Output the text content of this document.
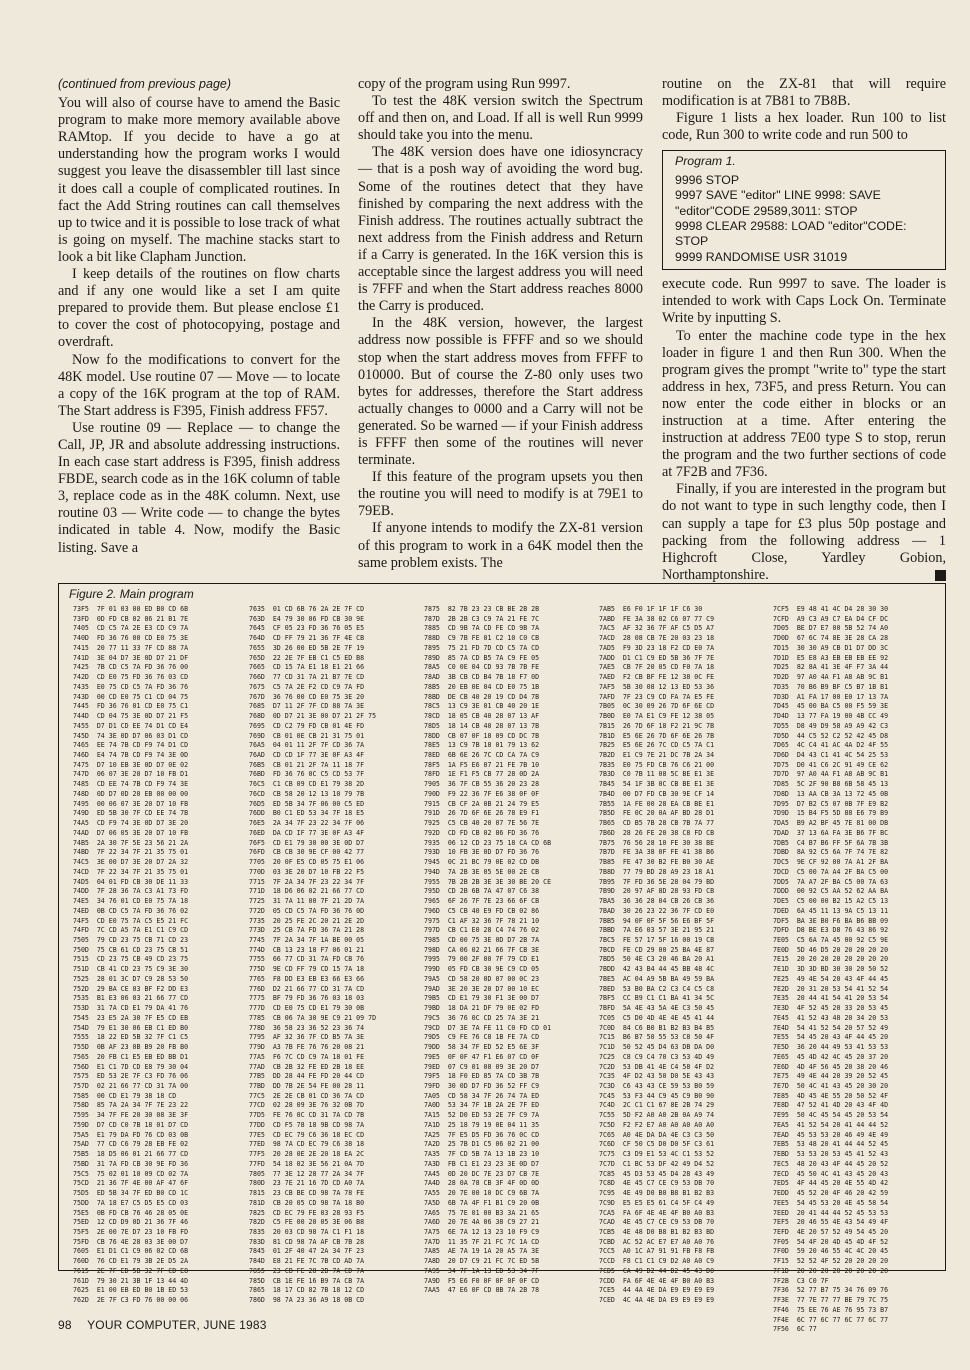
(continued from previous page)

You will also of course have to amend the Basic program to make more memory available above RAMtop. If you decide to have a go at understanding how the program works I would suggest you leave the disassembler till last since it does call a couple of complicated routines. In fact the Add String routines can call themselves up to twice and it is possible to lose track of what is going on myself. The machine stacks start to look a bit like Clapham Junction.

I keep details of the routines on flow charts and if any one would like a set I am quite prepared to provide them. But please enclose £1 to cover the cost of photocopying, postage and overdraft.

Now fo the modifications to convert for the 48K model. Use routine 07 — Move — to locate a copy of the 16K program at the top of RAM. The Start address is F395, Finish address FF57.

Use routine 09 — Replace — to change the Call, JP, JR and absolute addressing instructions. In each case start address is F395, finish address FBDE, search code as in the 16K column of table 3, replace code as in the 48K column. Next, use routine 03 — Write code — to change the bytes indicated in table 4. Now, modify the Basic listing. Save a

copy of the program using Run 9997.

To test the 48K version switch the Spectrum off and then on, and Load. If all is well Run 9999 should take you into the menu.

The 48K version does have one idiosyncracy — that is a posh way of avoiding the word bug. Some of the routines detect that they have finished by comparing the next address with the Finish address. The routines actually subtract the next address from the Finish address and Return if a Carry is generated. In the 16K version this is acceptable since the largest address you will need is 7FFF and when the Start address reaches 8000 the Carry is produced.

In the 48K version, however, the largest address now possible is FFFF and so we should stop when the start address moves from FFFF to 010000. But of course the Z-80 only uses two bytes for addresses, therefore the Start address actually changes to 0000 and a Carry will not be generated. So be warned — if your Finish address is FFFF then some of the routines will never terminate.

If this feature of the program upsets you then the routine you will need to modify is at 79E1 to 79EB.

If anyone intends to modify the ZX-81 version of this program to work in a 64K model then the same problem exists. The

routine on the ZX-81 that will require modification is at 7B81 to 7B8B.

Figure 1 lists a hex loader. Run 100 to list code, Run 300 to write code and run 500 to

Program 1.
9996 STOP
9997 SAVE "editor" LINE 9998: SAVE "editor"CODE 29589,3011: STOP
9998 CLEAR 29588: LOAD "editor"CODE: STOP
9999 RANDOMISE USR 31019

execute code. Run 9997 to save. The loader is intended to work with Caps Lock On. Terminate Write by inputting S.

To enter the machine code type in the hex loader in figure 1 and then Run 300. When the program gives the prompt "write to" type the start address in hex, 73F5, and press Return. You can now enter the code either in blocks or an instruction at a time. After entering the instruction at address 7E00 type S to stop, rerun the program and the two further sections of code at 7F2B and 7F36.

Finally, if you are interested in the program but do not want to type in such lengthy code, then I can supply a tape for £3 plus 50p postage and packing from the following address — 1 Highcroft Close, Yardley Gobion, Northamptonshire.

Figure 2. Main program
73F5  7F 01 03 00 ED B0 CD 6B
73FD  0D FD CB 02 86 21 B1 7E
7405  CD C5 7A 2E E3 CD C9 7A
740D  FD 36 76 00 CD E0 75 3E
7415  20 77 11 33 7F CD 88 7A
741D  3E 04 D7 3E 0D D7 21 DF
7425  7B CD C5 7A FD 36 76 00
742D  CD E0 75 FD 36 76 03 CD
7435  E0 75 CD C5 7A FD 36 76
743D  00 CD E0 75 C1 CD 04 75
7445  FD 36 76 01 CD E0 75 C1
744D  CD 04 75 3E 0D D7 21 F5
7455  D7 D1 CD EE 74 D1 CD E4
745D  74 3E 0D D7 06 03 D1 CD
7465  EE 74 7B CD F9 74 D1 CD
746D  E4 74 7B CD F9 74 3E 0D
7475  D7 10 EB 3E 0D D7 0E 02
747D  06 07 3E 20 D7 10 FB D1
7485  CD EE 74 7B CD F9 74 3E
748D  0D D7 0D 20 EB 00 00 00
7495  00 06 07 3E 20 D7 10 FB
749D  ED 5B 30 7F CD EE 74 7B
74A5  CD F9 74 3E 0D D7 3E 20
74AD  D7 06 05 3E 20 D7 10 FB
74B5  2A 30 7F 5E 23 56 21 2A
74BD  7F 22 34 7F 21 35 75 01
74C5  3E 00 D7 3E 20 D7 2A 32
74CD  7F 22 34 7F 21 35 75 01
74D5  04 01 FD CB 30 DE 11 33
74DD  7F 28 36 7A C3 A1 73 FD
74E5  34 76 01 CD E0 75 7A 18
74ED  0B CD C5 7A FD 36 76 02
74F5  CD E0 75 7A C5 E5 21 FC
74FD  7C CD A5 7A E1 C1 C9 CD
7505  79 CD 23 75 CB 71 CD 23
750D  75 CB 61 CD 23 75 CB 51
7515  CD 23 75 CB 49 CD 23 75
751D  CB 41 CD 23 75 C9 3E 30
7525  28 01 3C D7 C9 28 53 50
752D  29 BA CE 03 BF F2 DD E3
7535  B1 E3 06 03 21 66 77 CD
753D  31 7A CD E1 79 DA 41 76
7545  23 E5 2A 30 7F E5 CD EB
754D  79 E1 30 06 EB C1 ED B0
7555  18 22 ED 5B 32 7F C1 C5
755D  0B AF 23 0B B9 20 FB B0
7565  20 FB C1 E5 EB ED BB D1
756D  E1 C1 7D CD E8 79 30 04
7575  ED 53 2E 7F C3 FD 76 06
757D  02 21 66 77 CD 31 7A 00
7585  00 CD E1 79 38 18 CD
758D  85 7A 2A 34 7F 7E 23 22
7595  34 7F FE 20 30 08 3E 3F
759D  D7 CD C0 7B 18 01 D7 CD
75A5  E1 79 DA FD 76 CD 03 0B
75AD  77 CD C6 79 28 EB FE 02
75B5  18 D5 06 01 21 66 77 CD
75BD  31 7A FD CB 30 9E FD 36
75C5  75 02 01 10 09 CD 02 7A
75CD  21 36 7F 4E 00 AF 47 6F
75D5  ED 5B 34 7F ED B0 CD 1C
75DD  7A 18 E7 C5 D5 E5 CD 03
75E5  0B FD CB 76 46 28 05 0E
75ED  12 CD D9 0D 21 36 7F 46
75F5  2E 00 7E D7 23 10 FB FD
75FD  CB 76 4E 28 03 3E 00 D7
7605  E1 D1 C1 C9 06 02 CD 6B
760D  76 CD E1 79 3B 2E D5 2A
7615  2E 7F ED 5B 32 7F CD E8
761D  79 30 21 3B 1F 13 44 4D
7625  E1 00 EB ED B0 1B ED 53
762D  2E 7F C3 FD 76 00 00 06
7635  01 CD 6B 76 2A 2E 7F CD
763D  E4 79 30 06 FD CB 30 9E
7645  CF 05 23 FD 36 76 05 E5
764D  CD FF 79 21 36 7F 4E CB
7655  3D 26 00 ED 5B 2E 7F 19
765D  22 2E 7F EB C1 C5 ED B8
7665  CD 15 7A E1 18 E1 21 66
766D  77 CD 31 7A 21 B7 7E CD
7675  C5 7A 2E F2 CD C9 7A FD
767D  36 76 00 CD E0 75 3E 20
7685  D7 11 2F 7F CD 88 7A 3E
768D  0D D7 21 3E 00 D7 21 2F 75
7695  CD C2 79 FD CB 01 4E FD
769D  CB 01 0E CB 21 31 75 01
76A5  04 01 11 2F 7F CD 36 7A
76AD  CD CD 1F 77 3E 0F A3 4F
76B5  CB 01 21 2F 7A 11 18 7F
76BD  FD 36 76 0C C5 CD 53 7F
76C5  C1 CB 09 CD E1 79 38 2D
76CD  CB 58 20 12 13 10 79 7B
76D5  ED 5B 34 7F 06 00 C5 ED
76DD  B0 C1 ED 53 34 7F 18 E5
76E5  2A 34 7F 23 22 34 7F 06
76ED  DA CD IF 77 3E 0F A3 4F
76F5  CD E1 79 30 00 3E 0D D7
76FD  CB CB 30 9E CF 00 42 77
7705  20 0F E5 CD 05 75 E1 06
770D  03 3E 20 D7 10 FB 22 F5
7715  7F 2A 34 7F 23 22 34 7F
771D  18 D6 06 02 21 66 77 CD
7725  31 7A 11 00 7F 21 2D 7A
772D  05 CD C5 7A FD 36 76 0D
7735  20 25 FE 2C 20 21 2E 2D
773D  25 CB 7A FD 36 7A 21 28
7745  7F 2A 34 7F 1A BE 00 05
774D  CB 13 23 18 F7 06 01 21
7755  66 77 CD 31 7A FD CB 76
775D  9E CD FF 79 CD 15 7A 18
7765  F8 DD E3 EB E3 66 E3 66
776D  D2 21 66 77 CD 31 7A CD
7775  BF 79 FD 36 76 03 18 03
777D  CD E0 75 CD E1 79 30 0B
7785  CB 06 7A 30 9E C9 21 09 7D
778D  36 58 23 36 52 23 36 74
7795  AF 32 36 7F CD B5 7A 3E
779D  A3 7B FE 76 76 20 08 21
77A5  F6 7C CD C9 7A 18 01 FE
77AD  CB 2B 32 FE ED 2B 18 EE
77B5  DD 28 44 FE FD 20 44 CD
77BD  DD 7B 2E 54 FE 00 28 11
77C5  2E 2E CB 01 CD 36 7A CD
77CD  02 28 09 3E 76 32 0B 7D
77D5  FE 76 0C CD 31 7A CD 7B
77DD  CD F5 78 18 9B CD 98 7A
77E5  CD EC 79 C6 36 18 EC CD
77ED  98 7A CD EC 79 C6 38 18
77F5  20 28 0E 2E 20 18 EA 2C
77FD  54 18 02 3E 56 21 0A 7D
7805  77 3E 12 28 77 2A 34 7F
780D  23 7E 21 16 7D CD A0 7A
7815  23 CB BE CD 98 7A 78 FE
781D  CB 20 05 CD 98 7A 18 B0
7825  CD EC 79 FE 03 28 93 F5
782D  C5 FE 00 20 05 3E 06 B8
7835  20 03 CD 98 7A C1 F1 18
783D  81 CD 98 7A AF CB 7B 28
7845  01 2F 40 47 2A 34 7F 23
784D  E8 21 FE 7C 7B CD AD 7A
7855  23 CB FE 28 2B 7A CD 7A
785D  CB 1E FE 16 B9 7A CB 7A
7865  18 17 CD 82 7B 18 12 CD
786D  98 7A 23 36 A9 18 0B CD
7875  82 7B 23 23 CB BE 2B 2B
787D  2B 2B C3 C9 7A 21 FE 7C
7885  CD 9B 7A CD FE CD 9B 7A
788D  C9 7B FE 01 C2 10 C0 CB
7895  75 21 FD 7D CD C5 7A CD
789D  85 7A CD B5 7A C9 FE 05
78A5  C0 0E 04 CD 93 7B 7B FE
78AD  3B CB CD B4 7B 18 F7 0D
78B5  20 EB 0E 04 CD E0 75 1B
78BD  DE CB 40 20 19 CD D4 7B
78C5  13 C9 3E 01 CB 40 20 1E
78CD  18 05 CB 40 28 07 13 AF
78D5  18 14 CB 40 28 07 13 7B
78DD  CB 07 0F 18 09 CD DC 7B
78E5  13 C9 7B 18 01 79 13 62
78ED  6B 6E 26 7C CD CA 7A C9
78F5  1A F5 E6 07 21 FE 7B 10
78FD  1E F1 F5 CB 77 28 0D 2A
7905  36 7F CB 55 36 20 23 28
790D  F9 22 36 7F E6 38 0F 0F
7915  CB CF 2A 0B 21 24 79 E5
791D  26 7D 6F 6E 26 78 E9 F1
7925  C5 CB 40 20 07 7E 56 7E
792D  CD FD CB 02 86 FD 36 76
7935  06 12 CD 23 75 18 CA CD 6B
793D  10 FB 3E 0D D7 FD 36 76
7945  0C 21 BC 79 0E 02 CD DB
794D  7A 2B 3E 05 5E 00 2E CB
7955  7B 2B 2B 3E 3E 30 BE 20 CE
795D  CD 2B 6B 7A 47 07 C6 38
7965  6F 26 7F 7E 23 66 6F CB
796D  C5 CB 40 E9 FD CB 02 86
7975  C1 AF 32 36 7F 78 21 10
797D  CB C1 E0 28 C4 74 76 02
7985  CD 00 75 3E 0D D7 2B 7A
798D  CA 06 02 21 66 7F CB 3E
7995  79 00 2F 00 7F 79 CD E1
799D  05 FD CB 30 9E C9 CD 05
79A5  CD 58 20 0D 07 00 0C 23
79AD  3E 20 3E 20 D7 00 10 EC
79B5  CD E1 79 30 F1 3E 00 D7
79BD  18 DA 21 DF 79 0E 02 FD
79C5  36 76 0C CD 25 7A 3E 21
79CD  D7 3E 7A FE 11 C0 FD CD 01
79D5  C9 FE 76 C8 1B FE 7A CD
79DD  58 34 7F ED 52 E5 6E 3F
79E5  0F 0F 47 F1 E6 07 CD 0F
79ED  07 C9 01 08 09 3E 20 D7
79F5  18 F0 ED 85 7A CD 3B 7B
79FD  30 0D D7 FD 36 52 FF C9
7A05  CD 58 34 7F 26 74 7A ED
7A0D  53 34 7F 1B 2A 2E 7F ED
7A15  52 D0 ED 53 2E 7F C9 7A
7A1D  25 18 79 19 0E 04 11 35
7A25  7F E5 D5 FD 36 76 0C CD
7A2D  25 7B D1 C5 06 02 21 00
7A35  7F CD 5B 7A 13 1B 23 10
7A3D  FB C1 E1 23 23 3E 0D D7
7A45  0D 20 DC 7E 23 D7 CB 7E
7A4D  28 0A 78 CB 3F 4F 0D 0D
7A55  20 7E 00 10 DC C9 6B 7A
7A5D  6B 7A 4F F1 B1 C9 20 0B
7A65  75 7E 01 00 B3 3A 21 65
7A6D  20 7E 4A 06 38 C9 27 21
7A75  6E 7A 12 13 23 10 F9 C9
7A7D  11 35 7F 21 FC 7C 1A CD
7A85  AE 7A 19 1A 20 A5 7A 3E
7A8D  20 D7 C9 21 FC 7C ED 5B
7A95  34 7F 1A 13 ED 53 34 7F
7A9D  F5 E6 F0 0F 0F 0F 0F CD
7AA5  47 E6 0F CD 8B 7A 2B 78
7AB5  E6 F0 1F 1F 1F C6 30
7ABD  FE 3A 38 02 C6 07 77 C9
7AC5  AF 32 36 7F AF C5 D5 A7
7ACD  28 08 CB 7E 20 03 23 18
7AD5  F9 3D 23 18 F2 CD E0 7A
7ADD  D1 C1 C9 ED 5B 36 7F 7E
7AE5  CB 7F 20 05 CD F0 7A 18
7AED  F2 CB BF FE 12 38 0C FE
7AF5  5B 30 08 12 13 ED 53 36
7AFD  7F 23 C9 CD FA 7A E5 FE
7B05  0C 30 09 26 7D 6F 6E CD
7B0D  E0 7A E1 C9 FE 12 38 05
7B15  26 7D 6F 18 F2 21 9C 7B
7B1D  E5 6E 26 7D 6F 6E 26 7B
7B25  E5 6E 26 7C CD C5 7A C1
7B2D  E1 C9 7E 21 DC 7B 2A 34
7B35  E0 75 FD CB 76 C6 21 00
7B3D  C0 7B 11 08 5C BE E1 3E
7B45  54 1F 3B 0C CB BE E1 3E
7B4D  00 D7 FD CB 30 9E CF 14
7B55  1A FE 00 28 EA CB BE E1
7B5D  FE 0C 20 0A AF BD 28 D1
7B65  CD B5 7B 28 CB 7B 7A 77
7B6D  28 26 FE 20 38 C8 FD CB
7B75  76 56 28 10 FE 30 38 BE
7B7D  FE 3A 38 0F FE 41 38 B6
7B85  FE 47 30 B2 FE B0 30 AE
7B8D  77 79 BD 28 A9 23 18 A1
7B95  7F FD 36 5E 28 04 79 BD
7B9D  20 97 AF 8D 28 93 FD CB
7BA5  36 36 28 04 CB 26 CB 36
7BAD  30 26 23 22 36 7F CD E0
7BB5  94 0F 0F 5F 56 E6 BF 5F
7BBD  7A E6 03 57 3E 21 95 21
7BC5  FE 57 17 5F 16 00 19 CB
7BCD  FE CD 29 00 25 BA 4E 87
7BD5  50 4E C3 20 46 BA 20 A1
7BDD  42 43 B4 44 45 BB 48 4C
7BE5  AC 04 A9 5B BA 49 59 BA
7BED  53 B0 BA C2 C3 C4 C5 C8
7BF5  CC B9 C1 C1 BA 41 34 5C
7BFD  5A 4E 43 5A 4E C3 50 45
7C05  C5 D0 4D 4E 4E 45 41 44
7C0D  84 C6 B0 B1 B2 B3 B4 B5
7C15  B6 B7 50 55 53 C8 50 4F
7C1D  50 52 45 D4 63 DB DA D0
7C25  C8 C9 C4 70 C3 53 4D 49
7C2D  53 DB 41 4E C4 58 4F D2
7C35  4F D2 43 50 D0 5E 43 43
7C3D  C6 43 43 CE 59 53 B0 59
7C45  53 F3 44 C9 45 C9 B0 90
7C4D  2C C1 C1 67 8E 2B 74 29
7C55  5D F2 A0 A0 2B 0A A9 74
7C5D  F2 F2 E7 A0 A0 A0 A0 A0
7C65  A0 4E DA DA 4E C3 C3 50
7C6D  CF 50 C5 D0 D0 5F C3 61
7C75  C3 D9 E1 53 4C C1 53 52
7C7D  C1 BC 53 DF 42 49 D4 52
7C85  45 D3 53 45 D4 28 43 49
7C8D  4E 45 C7 CE C9 53 DB 70
7C95  4E 49 D0 B0 B8 B1 B2 B3
7C9D  E5 E5 E5 61 C4 5F C4 49
7CA5  FA 6F 4E 4E 4F B0 A0 B3
7CAD  4E 45 C7 CE C9 53 DB 70
7CB5  4E 48 D0 B8 B1 B2 B3 BD
7CBD  AC 52 AC E7 E7 A0 A0 76
7CC5  A0 1C A7 91 91 FB F8 FB
7CCD  F8 C1 C1 C9 D2 A0 A0 C9
7CD5  CA 49 D2 44 D2 45 43 D0
7CDD  FA 6F 4E 4E 4F B0 A0 B3
7CE5  44 4A 4E DA E9 E9 E9 E9
7CED  4C 4A 4E DA E9 E9 E9 E9
7CF5  E9 48 41 4C D4 28 30 30
7CFD  A9 C3 A9 C7 EA D4 CF DC
7D05  BE D7 E7 00 5B 52 74 A0
7D0D  67 6C 74 8E 3E 28 CA 28
7D15  30 30 A9 CB D1 D7 DD 3C
7D1D  E5 E8 A3 EB EB EB EE 92
7D25  82 8A 41 3E 4F F7 3A 44
7D2D  97 A0 4A F1 A8 AB 9C B1
7D35  70 B6 B9 BF C5 B7 1B B1
7D3D  A1 FA 17 00 E0 17 13 7A
7D45  45 00 BA C5 00 F5 59 3E
7D4D  13 77 FA 19 00 4B CC 49
7D55  D8 49 D9 58 A9 A9 42 C3
7D5D  44 C5 52 C2 52 42 45 D8
7D65  4C C4 41 AC 4A D2 4F 55
7D6D  D4 43 C1 41 4C 54 25 53
7D75  D0 41 C6 2C 91 49 CE 62
7D7D  97 A0 4A F1 A8 AB 9C B1
7D85  5C 2F 90 B8 6B 58 45 13
7D8D  13 AA CB 3A 13 72 45 0B
7D95  D7 B2 C5 07 0B 7F E9 B2
7D9D  15 B4 F5 5D 88 E6 79 B9
7DA5  B9 A2 BF 45 7E 81 00 DB
7DAD  37 13 6A FA 3E B6 7F BC
7DB5  C4 B7 B6 FF 5F 6A 7B 3B
7DBD  8A 92 C5 6A 7F 74 7E 82
7DC5  9E CF 92 00 7A A1 2F BA
7DCD  C5 00 7A A4 2F BA C5 00
7DD5  7A A7 2F BA C5 00 7A 63
7DDD  00 92 C5 AA 52 62 AA BA
7DE5  C5 00 00 B2 15 A2 C5 13
7DED  6A 45 11 13 9A C5 13 11
7DF5  BA 3E B0 F6 BA B6 BB 09
7DFD  D8 BE E3 D8 76 43 86 92
7E05  C5 6A 7A 45 00 92 C5 9E
7E0D  5D 46 D5 20 20 20 20 20
7E15  20 20 20 20 20 20 20 20
7E1D  3D 3D BD 30 30 20 50 52
7E25  49 4E 54 20 43 4F 44 45
7E2D  20 31 20 53 54 41 52 54
7E35  20 44 41 54 41 20 53 54
7E3D  4F 52 45 20 33 20 53 45
7E45  41 52 43 48 20 34 20 53
7E4D  54 41 52 54 20 57 52 49
7E55  54 45 20 43 4F 44 45 20
7E5D  36 20 44 49 53 41 53 53
7E65  45 4D 42 4C 45 20 37 20
7E6D  4D 4F 56 45 20 38 20 46
7E75  49 4E 44 20 39 20 52 45
7E7D  50 4C 41 43 45 20 30 20
7E85  4D 45 4E 55 20 50 52 4F
7E8D  47 52 41 4D 20 43 4F 4D
7E95  50 4C 45 54 45 20 53 54
7EA5  41 52 54 20 41 44 44 52
7EAD  45 53 53 20 46 49 4E 49
7EB5  53 48 20 41 44 44 52 45
7EBD  53 53 20 53 45 41 52 43
7EC5  48 20 43 4F 44 45 20 52
7ECD  45 50 4C 41 43 45 20 43
7ED5  4F 44 45 20 4E 55 4D 42
7EDD  45 52 20 4F 46 20 42 59
7EE5  54 45 53 20 4E 45 58 54
7EED  20 41 44 44 52 45 53 53
7EF5  20 46 55 4E 43 54 49 4F
7EFD  4E 20 57 52 49 54 45 20
7F05  54 4F 20 4D 45 4D 4F 52
7F0D  59 20 46 55 4C 4C 20 45
7F15  52 52 4F 52 20 20 20 20
7F1D  20 20 20 20 20 20 20 20
7F2B  C3 C0 7F
7F36  52 77 B7 75 34 76 09 76
7F3E  77 7E 77 77 BE 79 7C 75
7F46  75 EE 76 AE 76 95 73 B7
7F4E  6C 77 6C 77 6C 77 6C 77
7F56  6C 77
98 YOUR COMPUTER, JUNE 1983
